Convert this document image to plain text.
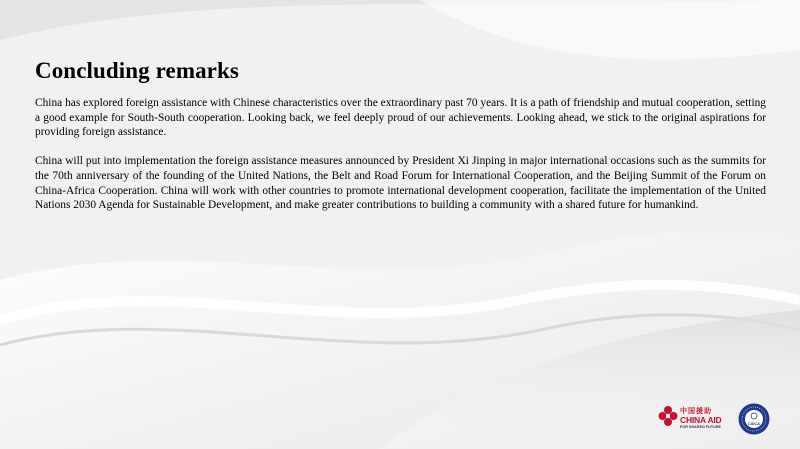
Concluding remarks

China has explored foreign assistance with Chinese characteristics over the extraordinary past 70 years. It is a path of friendship and mutual cooperation, setting a good example for South-South cooperation. Looking back, we feel deeply proud of our achievements. Looking ahead, we stick to the original aspirations for providing foreign assistance.

China will put into implementation the foreign assistance measures announced by President Xi Jinping in major international occasions such as the summits for the 70th anniversary of the founding of the United Nations, the Belt and Road Forum for International Cooperation, and the Beijing Summit of the Forum on China-Africa Cooperation. China will work with other countries to promote international development cooperation, facilitate the implementation of the United Nations 2030 Agenda for Sustainable Development, and make greater contributions to building a community with a shared future for humankind.

中国援助
CHINA AID
FOR SHARED FUTURE
CIDCA
